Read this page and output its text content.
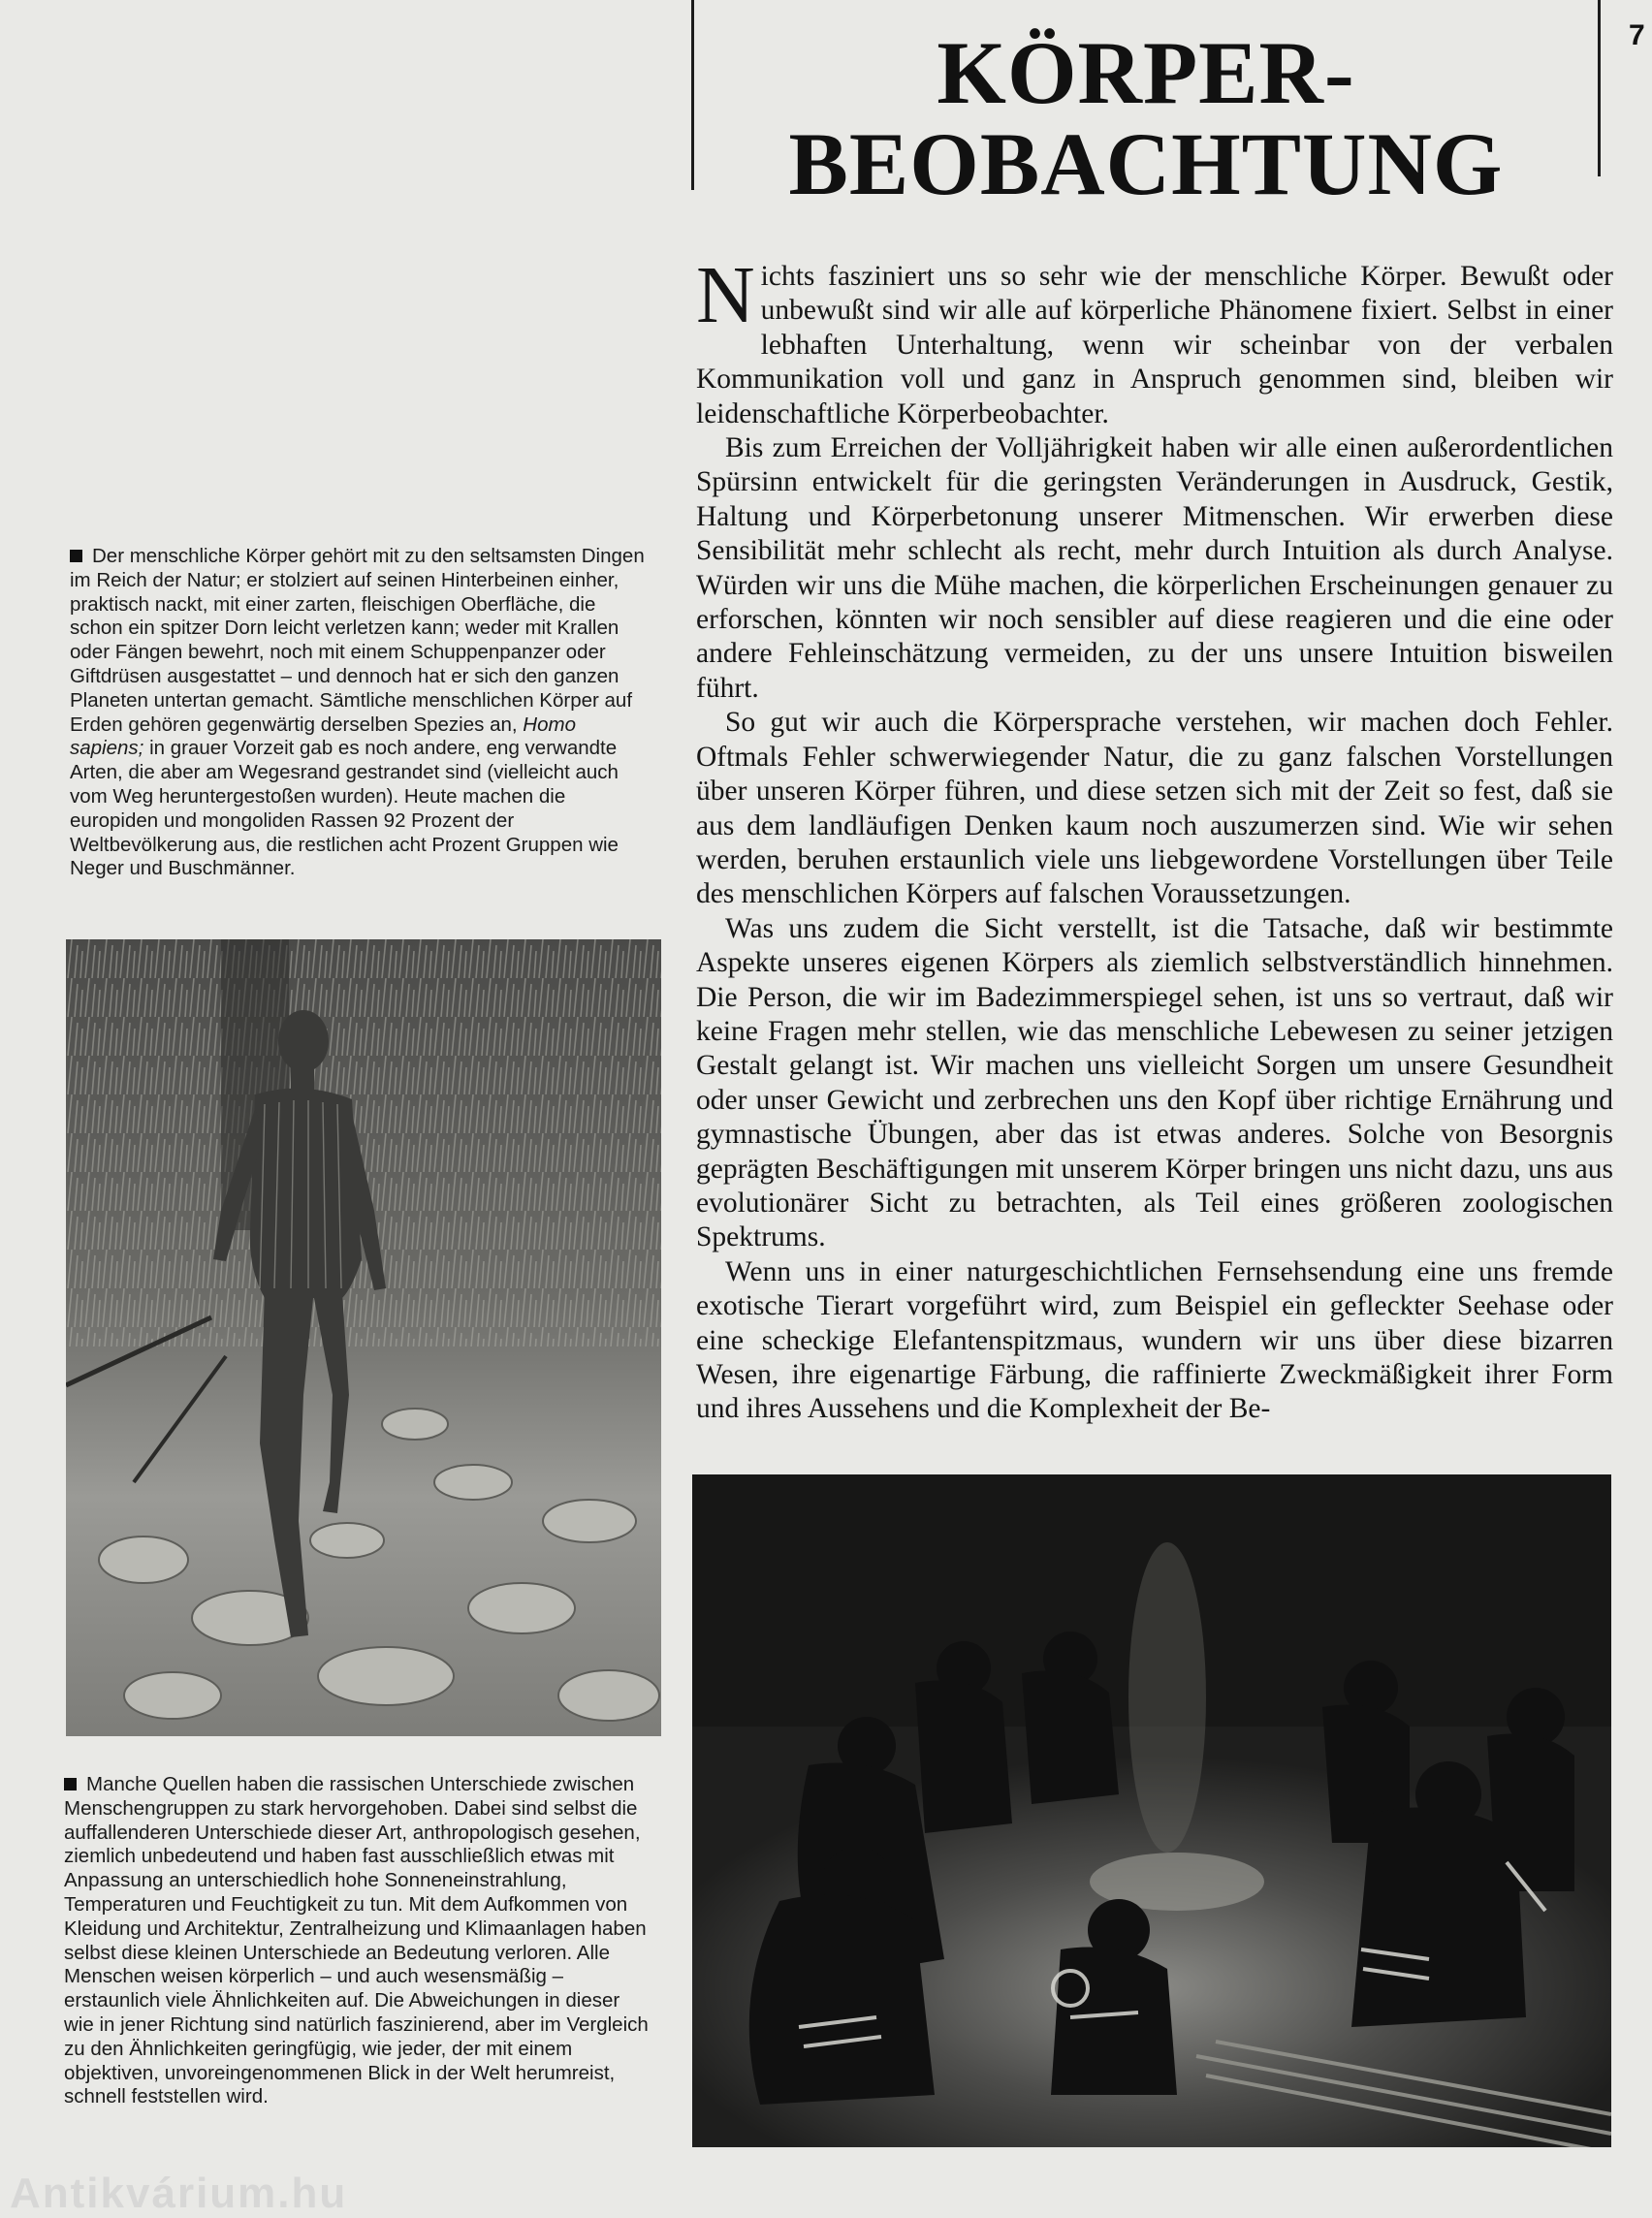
7
KÖRPER-
BEOBACHTUNG
Der menschliche Körper gehört mit zu den seltsamsten Dingen im Reich der Natur; er stolziert auf seinen Hinterbeinen einher, praktisch nackt, mit einer zarten, fleischigen Oberfläche, die schon ein spitzer Dorn leicht verletzen kann; weder mit Krallen oder Fängen bewehrt, noch mit einem Schuppenpanzer oder Giftdrüsen ausgestattet – und dennoch hat er sich den ganzen Planeten untertan gemacht. Sämtliche menschlichen Körper auf Erden gehören gegenwärtig derselben Spezies an, Homo sapiens; in grauer Vorzeit gab es noch andere, eng verwandte Arten, die aber am Wegesrand gestrandet sind (vielleicht auch vom Weg heruntergestoßen wurden). Heute machen die europiden und mongoliden Rassen 92 Prozent der Weltbevölkerung aus, die restlichen acht Prozent Gruppen wie Neger und Buschmänner.
Manche Quellen haben die rassischen Unterschiede zwischen Menschengruppen zu stark hervorgehoben. Dabei sind selbst die auffallenderen Unterschiede dieser Art, anthropologisch gesehen, ziemlich unbedeutend und haben fast ausschließlich etwas mit Anpassung an unterschiedlich hohe Sonneneinstrahlung, Temperaturen und Feuchtigkeit zu tun. Mit dem Aufkommen von Kleidung und Architektur, Zentralheizung und Klimaanlagen haben selbst diese kleinen Unterschiede an Bedeutung verloren. Alle Menschen weisen körperlich – und auch wesensmäßig – erstaunlich viele Ähnlichkeiten auf. Die Abweichungen in dieser wie in jener Richtung sind natürlich faszinierend, aber im Vergleich zu den Ähnlichkeiten geringfügig, wie jeder, der mit einem objektiven, unvoreingenommenen Blick in der Welt herumreist, schnell feststellen wird.

Nichts fasziniert uns so sehr wie der menschliche Körper. Bewußt oder unbewußt sind wir alle auf körperliche Phänomene fixiert. Selbst in einer lebhaften Unterhaltung, wenn wir scheinbar von der verbalen Kommunikation voll und ganz in Anspruch genommen sind, bleiben wir leidenschaftliche Körperbeobachter.

Bis zum Erreichen der Volljährigkeit haben wir alle einen außerordentlichen Spürsinn entwickelt für die geringsten Veränderungen in Ausdruck, Gestik, Haltung und Körperbetonung unserer Mitmenschen. Wir erwerben diese Sensibilität mehr schlecht als recht, mehr durch Intuition als durch Analyse. Würden wir uns die Mühe machen, die körperlichen Erscheinungen genauer zu erforschen, könnten wir noch sensibler auf diese reagieren und die eine oder andere Fehleinschätzung vermeiden, zu der uns unsere Intuition bisweilen führt.

So gut wir auch die Körpersprache verstehen, wir machen doch Fehler. Oftmals Fehler schwerwiegender Natur, die zu ganz falschen Vorstellungen über unseren Körper führen, und diese setzen sich mit der Zeit so fest, daß sie aus dem landläufigen Denken kaum noch auszumerzen sind. Wie wir sehen werden, beruhen erstaunlich viele uns liebgewordene Vorstellungen über Teile des menschlichen Körpers auf falschen Voraussetzungen.

Was uns zudem die Sicht verstellt, ist die Tatsache, daß wir bestimmte Aspekte unseres eigenen Körpers als ziemlich selbstverständlich hinnehmen. Die Person, die wir im Badezimmerspiegel sehen, ist uns so vertraut, daß wir keine Fragen mehr stellen, wie das menschliche Lebewesen zu seiner jetzigen Gestalt gelangt ist. Wir machen uns vielleicht Sorgen um unsere Gesundheit oder unser Gewicht und zerbrechen uns den Kopf über richtige Ernährung und gymnastische Übungen, aber das ist etwas anderes. Solche von Besorgnis geprägten Beschäftigungen mit unserem Körper bringen uns nicht dazu, uns aus evolutionärer Sicht zu betrachten, als Teil eines größeren zoologischen Spektrums.

Wenn uns in einer naturgeschichtlichen Fernsehsendung eine uns fremde exotische Tierart vorgeführt wird, zum Beispiel ein gefleckter Seehase oder eine scheckige Elefantenspitzmaus, wundern wir uns über diese bizarren Wesen, ihre eigenartige Färbung, die raffinierte Zweckmäßigkeit ihrer Form und ihres Aussehens und die Komplexheit der Be-

Antikvárium.hu
